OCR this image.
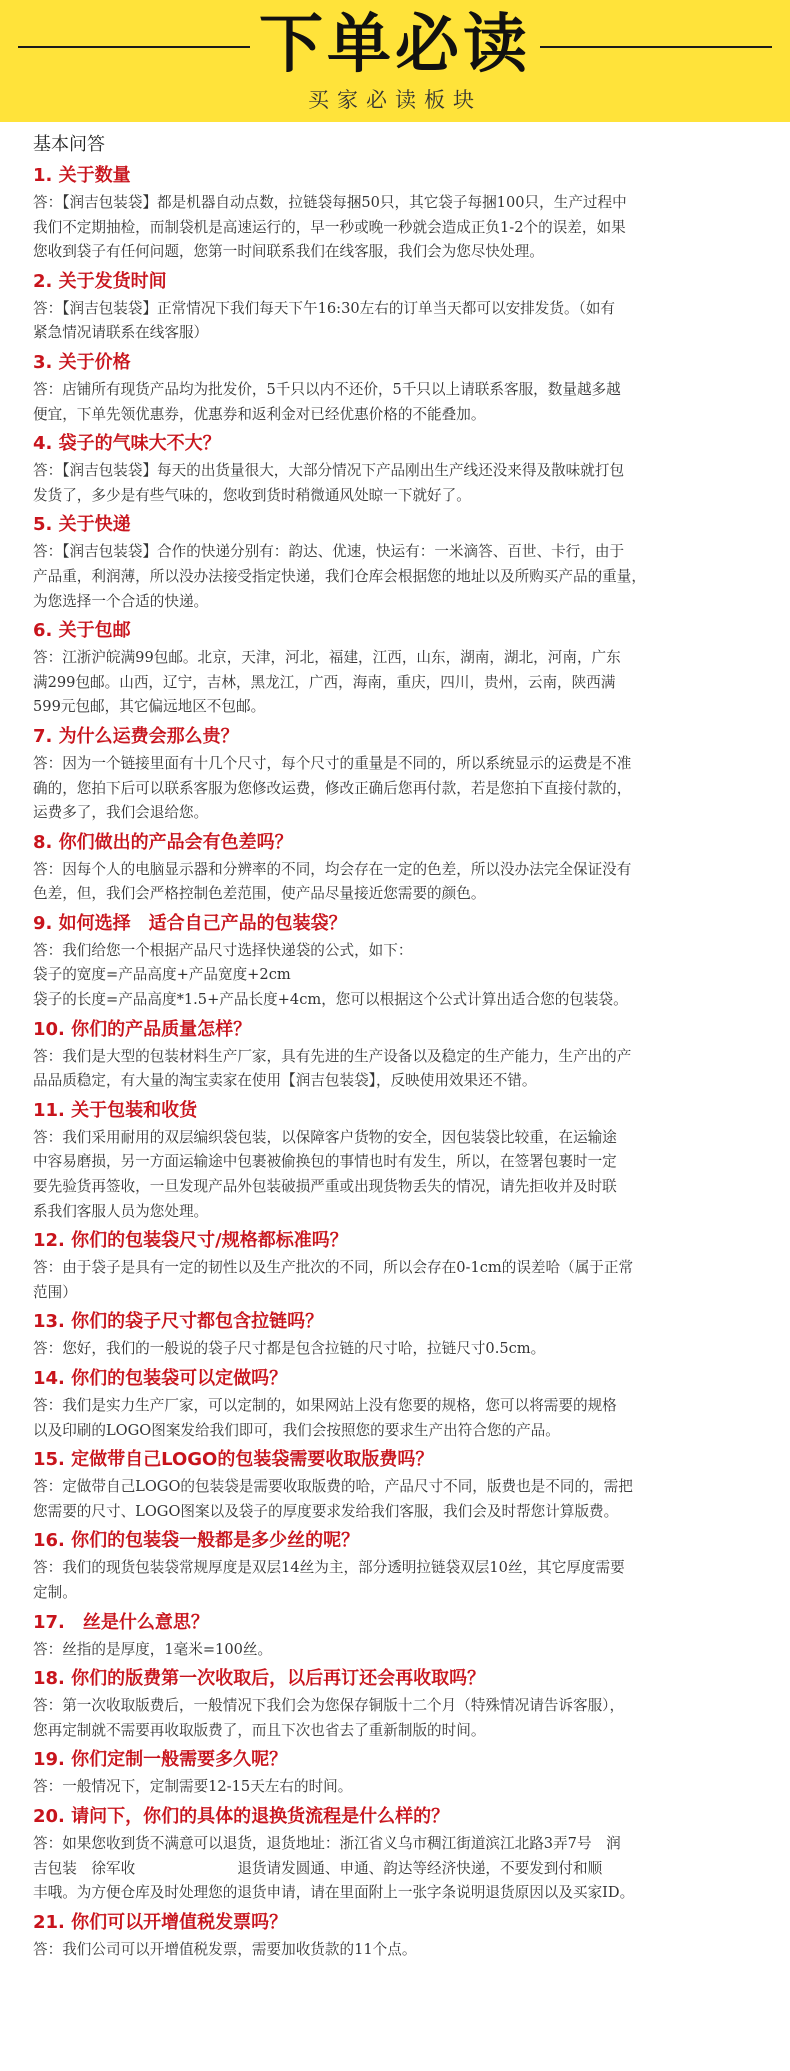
下单必读
买家必读板块
基本问答
1. 关于数量
答：【润吉包装袋】都是机器自动点数，拉链袋每捆50只，其它袋子每捆100只，生产过程中
我们不定期抽检，而制袋机是高速运行的，早一秒或晚一秒就会造成正负1-2个的误差，如果
您收到袋子有任何问题，您第一时间联系我们在线客服，我们会为您尽快处理。
2. 关于发货时间
答：【润吉包装袋】正常情况下我们每天下午16:30左右的订单当天都可以安排发货。（如有
紧急情况请联系在线客服）
3. 关于价格
答：店铺所有现货产品均为批发价，5千只以内不还价，5千只以上请联系客服，数量越多越
便宜，下单先领优惠券，优惠券和返利金对已经优惠价格的不能叠加。
4. 袋子的气味大不大？
答：【润吉包装袋】每天的出货量很大，大部分情况下产品刚出生产线还没来得及散味就打包
发货了，多少是有些气味的，您收到货时稍微通风处晾一下就好了。
5. 关于快递
答：【润吉包装袋】合作的快递分别有：韵达、优速，快运有：一米滴答、百世、卡行，由于
产品重，利润薄，所以没办法接受指定快递，我们仓库会根据您的地址以及所购买产品的重量，
为您选择一个合适的快递。
6. 关于包邮
答：江浙沪皖满99包邮。北京，天津，河北，福建，江西，山东，湖南，湖北，河南，广东
满299包邮。山西，辽宁，吉林，黑龙江，广西，海南，重庆，四川，贵州，云南，陕西满
599元包邮，其它偏远地区不包邮。
7. 为什么运费会那么贵？
答：因为一个链接里面有十几个尺寸，每个尺寸的重量是不同的，所以系统显示的运费是不准
确的，您拍下后可以联系客服为您修改运费，修改正确后您再付款，若是您拍下直接付款的，
运费多了，我们会退给您。
8. 你们做出的产品会有色差吗？
答：因每个人的电脑显示器和分辨率的不同，均会存在一定的色差，所以没办法完全保证没有
色差，但，我们会严格控制色差范围，使产品尽量接近您需要的颜色。
9. 如何选择　适合自己产品的包装袋？
答：我们给您一个根据产品尺寸选择快递袋的公式，如下：
袋子的宽度=产品高度+产品宽度+2cm
袋子的长度=产品高度*1.5+产品长度+4cm，您可以根据这个公式计算出适合您的包装袋。
10. 你们的产品质量怎样？
答：我们是大型的包装材料生产厂家，具有先进的生产设备以及稳定的生产能力，生产出的产
品品质稳定，有大量的淘宝卖家在使用【润吉包装袋】，反映使用效果还不错。
11. 关于包装和收货
答：我们采用耐用的双层编织袋包装，以保障客户货物的安全，因包装袋比较重，在运输途
中容易磨损，另一方面运输途中包裹被偷换包的事情也时有发生，所以，在签署包裹时一定
要先验货再签收，一旦发现产品外包装破损严重或出现货物丢失的情况，请先拒收并及时联
系我们客服人员为您处理。
12. 你们的包装袋尺寸/规格都标准吗？
答：由于袋子是具有一定的韧性以及生产批次的不同，所以会存在0-1cm的误差哈（属于正常
范围）
13. 你们的袋子尺寸都包含拉链吗？
答：您好，我们的一般说的袋子尺寸都是包含拉链的尺寸哈，拉链尺寸0.5cm。
14. 你们的包装袋可以定做吗？
答：我们是实力生产厂家，可以定制的，如果网站上没有您要的规格，您可以将需要的规格
以及印刷的LOGO图案发给我们即可，我们会按照您的要求生产出符合您的产品。
15. 定做带自己LOGO的包装袋需要收取版费吗？
答：定做带自己LOGO的包装袋是需要收取版费的哈，产品尺寸不同，版费也是不同的，需把
您需要的尺寸、LOGO图案以及袋子的厚度要求发给我们客服，我们会及时帮您计算版费。
16. 你们的包装袋一般都是多少丝的呢？
答：我们的现货包装袋常规厚度是双层14丝为主，部分透明拉链袋双层10丝，其它厚度需要
定制。
17.　丝是什么意思？
答：丝指的是厚度，1毫米=100丝。
18. 你们的版费第一次收取后，以后再订还会再收取吗？
答：第一次收取版费后，一般情况下我们会为您保存铜版十二个月（特殊情况请告诉客服），
您再定制就不需要再收取版费了，而且下次也省去了重新制版的时间。
19. 你们定制一般需要多久呢？
答：一般情况下，定制需要12-15天左右的时间。
20. 请问下，你们的具体的退换货流程是什么样的？
答：如果您收到货不满意可以退货，退货地址：浙江省义乌市稠江街道滨江北路3弄7号　润
吉包装　徐军收　　　　　　　退货请发圆通、申通、韵达等经济快递，不要发到付和顺
丰哦。为方便仓库及时处理您的退货申请，请在里面附上一张字条说明退货原因以及买家ID。
21. 你们可以开增值税发票吗？
答：我们公司可以开增值税发票，需要加收货款的11个点。
